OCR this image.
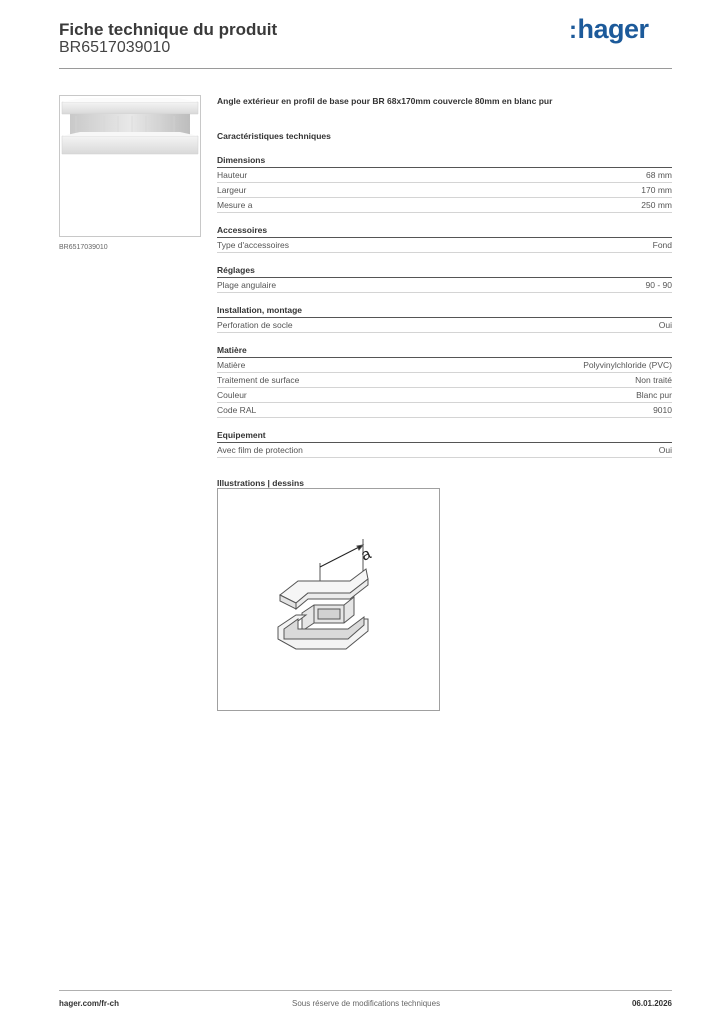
Fiche technique du produit
BR6517039010
:hager
BR6517039010
Angle extérieur en profil de base pour BR 68x170mm couvercle 80mm en blanc pur
Caractéristiques techniques
Dimensions
Hauteur	68 mm
Largeur	170 mm
Mesure a	250 mm
Accessoires
Type d'accessoires	Fond
Réglages
Plage angulaire	90 - 90
Installation, montage
Perforation de socle	Oui
Matière
Matière	Polyvinylchloride (PVC)
Traitement de surface	Non traité
Couleur	Blanc pur
Code RAL	9010
Equipement
Avec film de protection	Oui
Illustrations | dessins
a
hager.com/fr-ch	Sous réserve de modifications techniques	06.01.2026
